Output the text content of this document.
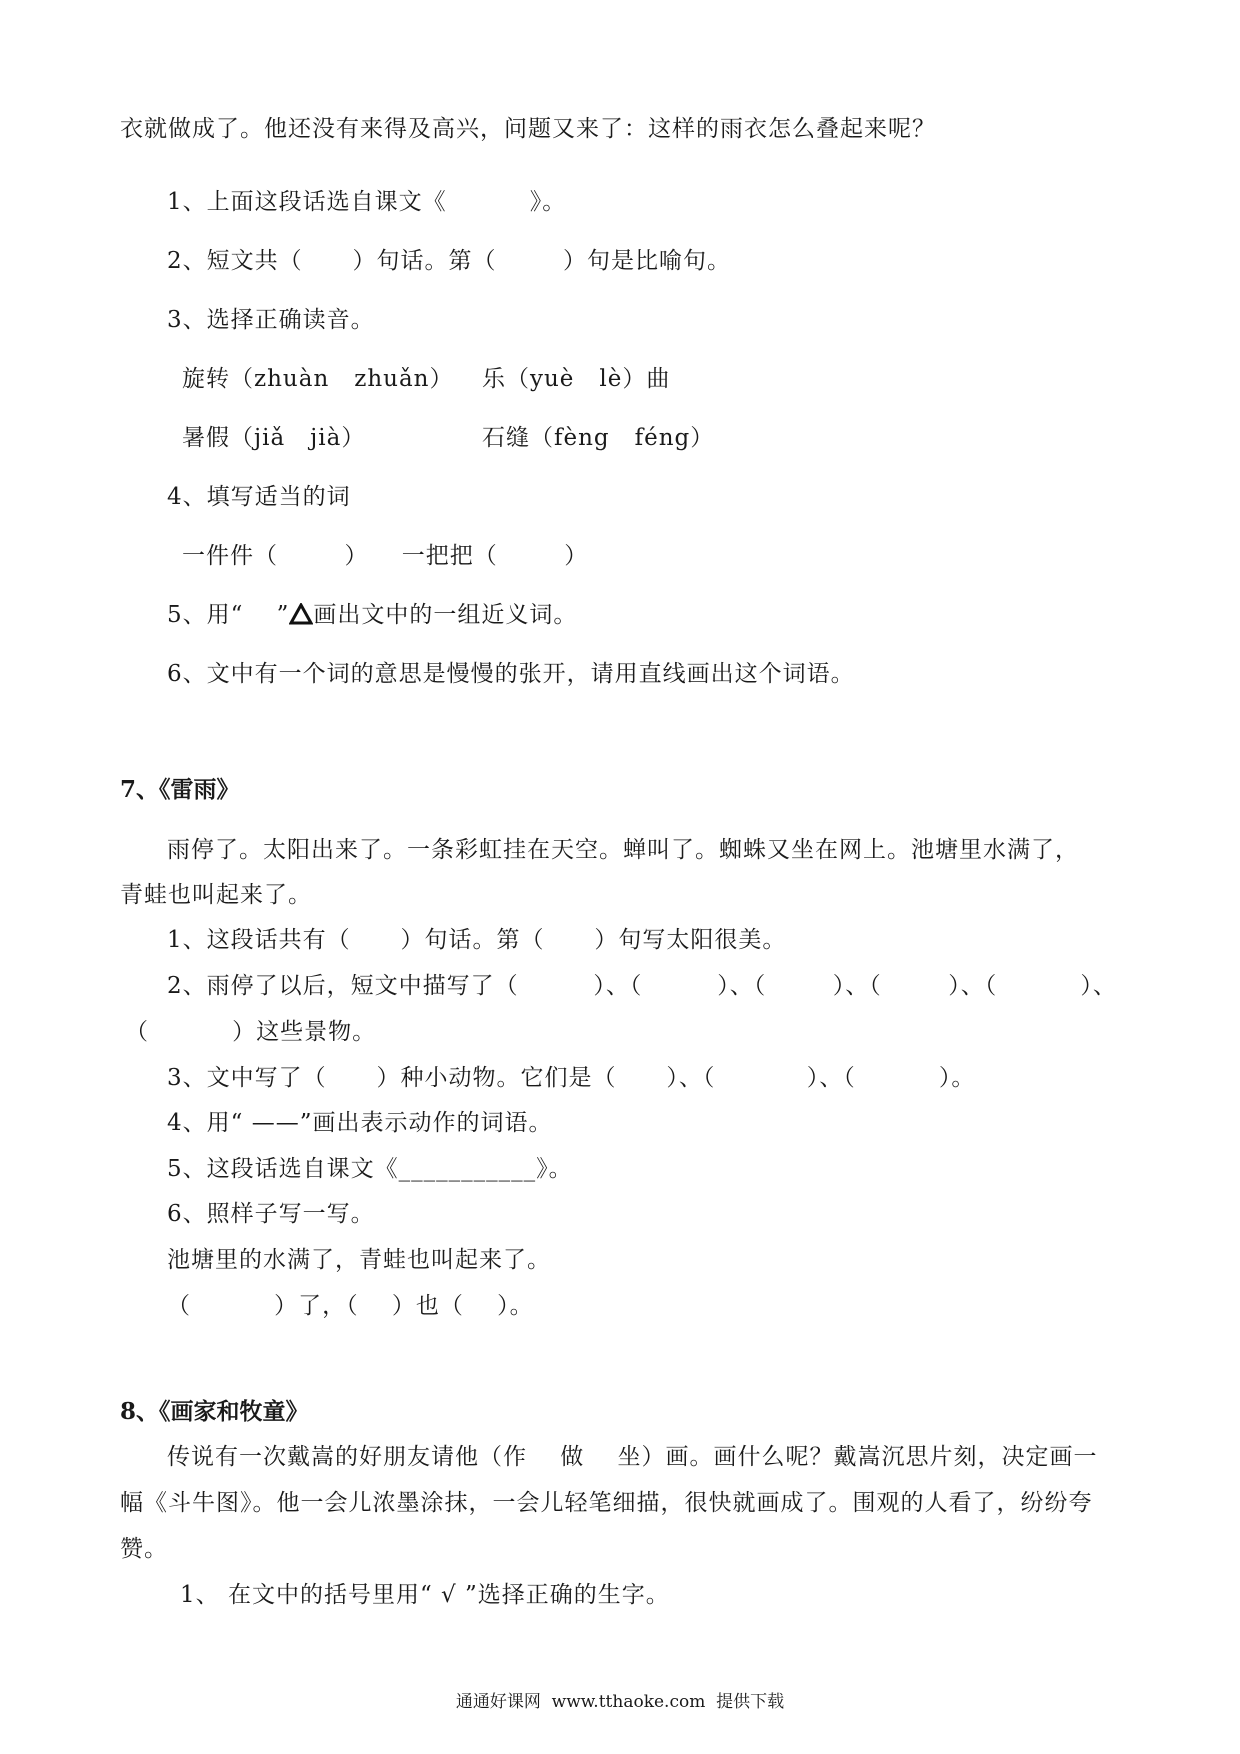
衣就做成了。他还没有来得及高兴，问题又来了：这样的雨衣怎么叠起来呢？
1、上面这段话选自课文《          》。
2、短文共（      ）句话。第（        ）句是比喻句。
3、选择正确读音。
旋转（zhuàn   zhuǎn） 乐（yuè   lè）曲
暑假（jiǎ   jià）	石缝（fèng   féng）
4、填写适当的词
一件件（        ）    一把把（        ）
5、用“    ” 画出文中的一组近义词。
6、文中有一个词的意思是慢慢的张开，请用直线画出这个词语。
7、《雷雨》
雨停了。太阳出来了。一条彩虹挂在天空。蝉叫了。蜘蛛又坐在网上。池塘里水满了，
青蛙也叫起来了。
1、这段话共有（      ）句话。第（      ）句写太阳很美。
2、雨停了以后，短文中描写了（         ）、（         ）、（        ）、（        ）、（          ）、
（          ）这些景物。
3、文中写了（      ）种小动物。它们是（      ）、（           ）、（          ）。
4、用“ ——”画出表示动作的词语。
5、这段话选自课文《___________》。
6、照样子写一写。
池塘里的水满了，青蛙也叫起来了。
（          ）了，（    ）也（    ）。
8、《画家和牧童》
传说有一次戴嵩的好朋友请他（作    做    坐）画。画什么呢？戴嵩沉思片刻，决定画一
幅《斗牛图》。他一会儿浓墨涂抹，一会儿轻笔细描，很快就画成了。围观的人看了，纷纷夸
赞。
1、 在文中的括号里用“ √ ”选择正确的生字。
通通好课网  www.tthaoke.com  提供下载
